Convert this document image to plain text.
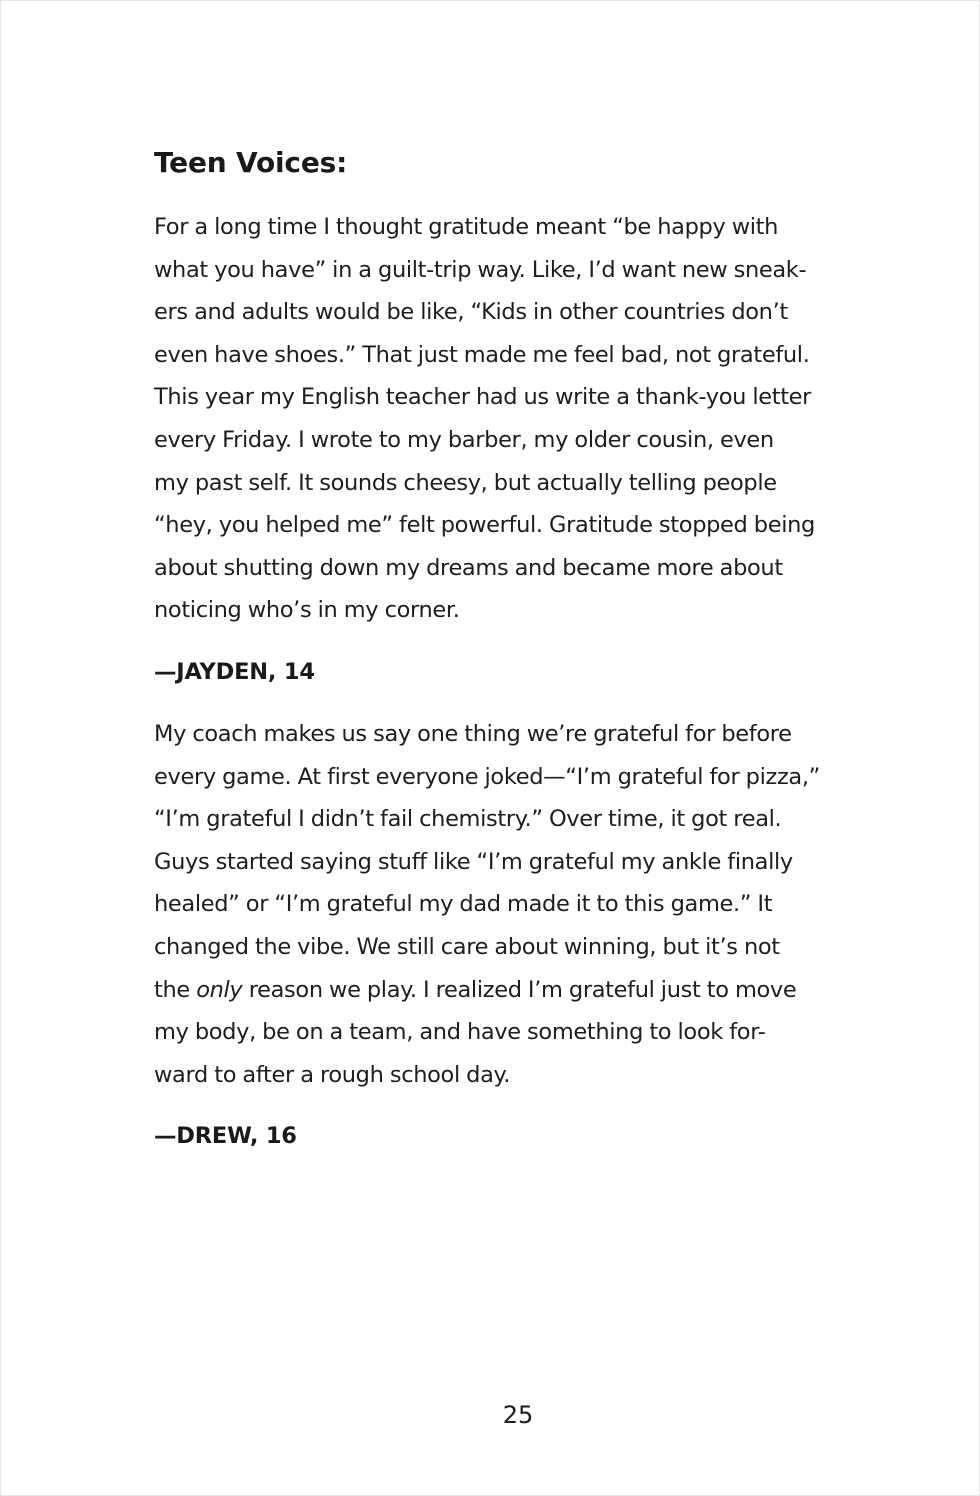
Teen Voices:
For a long time I thought gratitude meant “be happy with
what you have” in a guilt-trip way. Like, I’d want new sneak-
ers and adults would be like, “Kids in other countries don’t
even have shoes.” That just made me feel bad, not grateful.
This year my English teacher had us write a thank-you letter
every Friday. I wrote to my barber, my older cousin, even
my past self. It sounds cheesy, but actually telling people
“hey, you helped me” felt powerful. Gratitude stopped being
about shutting down my dreams and became more about
noticing who’s in my corner.
—JAYDEN, 14
My coach makes us say one thing we’re grateful for before
every game. At first everyone joked—“I’m grateful for pizza,”
“I’m grateful I didn’t fail chemistry.” Over time, it got real.
Guys started saying stuff like “I’m grateful my ankle finally
healed” or “I’m grateful my dad made it to this game.” It
changed the vibe. We still care about winning, but it’s not
the only reason we play. I realized I’m grateful just to move
my body, be on a team, and have something to look for-
ward to after a rough school day.
—DREW, 16
25
